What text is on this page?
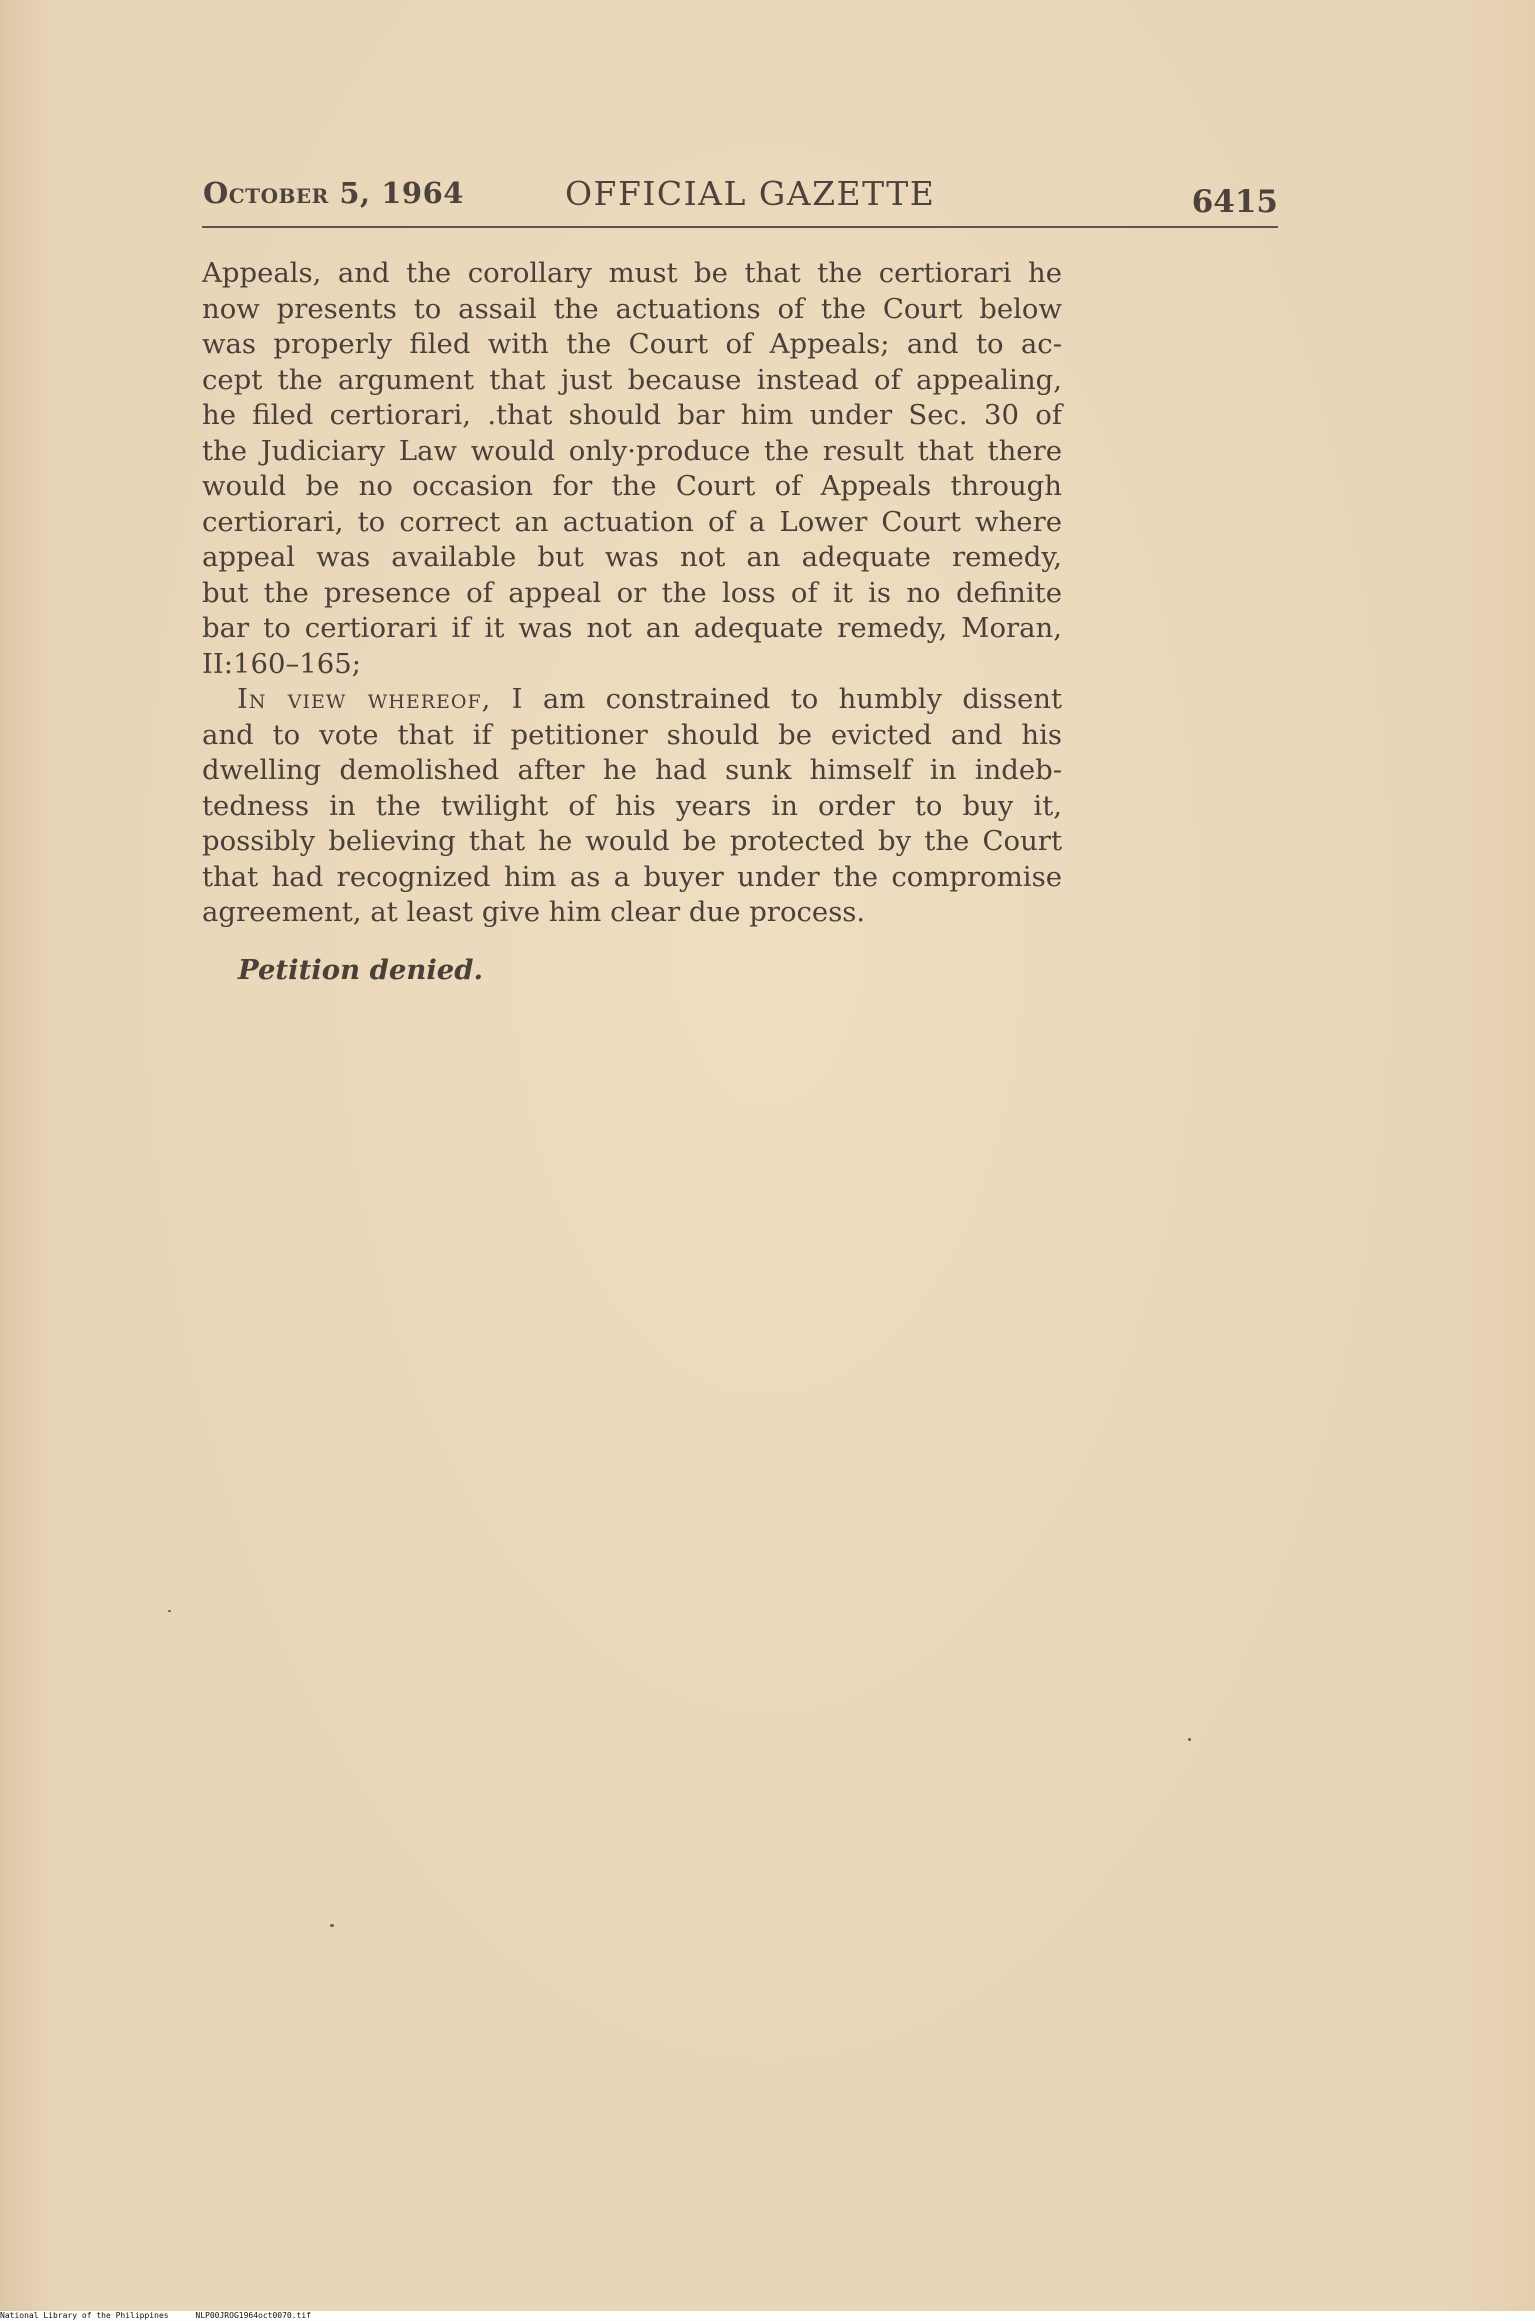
October 5, 1964	OFFICIAL GAZETTE	6415
Appeals, and the corollary must be that the certiorari he
now presents to assail the actuations of the Court below
was properly filed with the Court of Appeals; and to ac-
cept the argument that just because instead of appealing,
he filed certiorari, .that should bar him under Sec. 30 of
the Judiciary Law would only·produce the result that there
would be no occasion for the Court of Appeals through
certiorari, to correct an actuation of a Lower Court where
appeal was available but was not an adequate remedy,
but the presence of appeal or the loss of it is no definite
bar to certiorari if it was not an adequate remedy, Moran,
II:160–165;
In view whereof, I am constrained to humbly dissent
and to vote that if petitioner should be evicted and his
dwelling demolished after he had sunk himself in indeb-
tedness in the twilight of his years in order to buy it,
possibly believing that he would be protected by the Court
that had recognized him as a buyer under the compromise
agreement, at least give him clear due process.
Petition denied.
National Library of the Philippines	NLP00JROG1964oct0070.tif
